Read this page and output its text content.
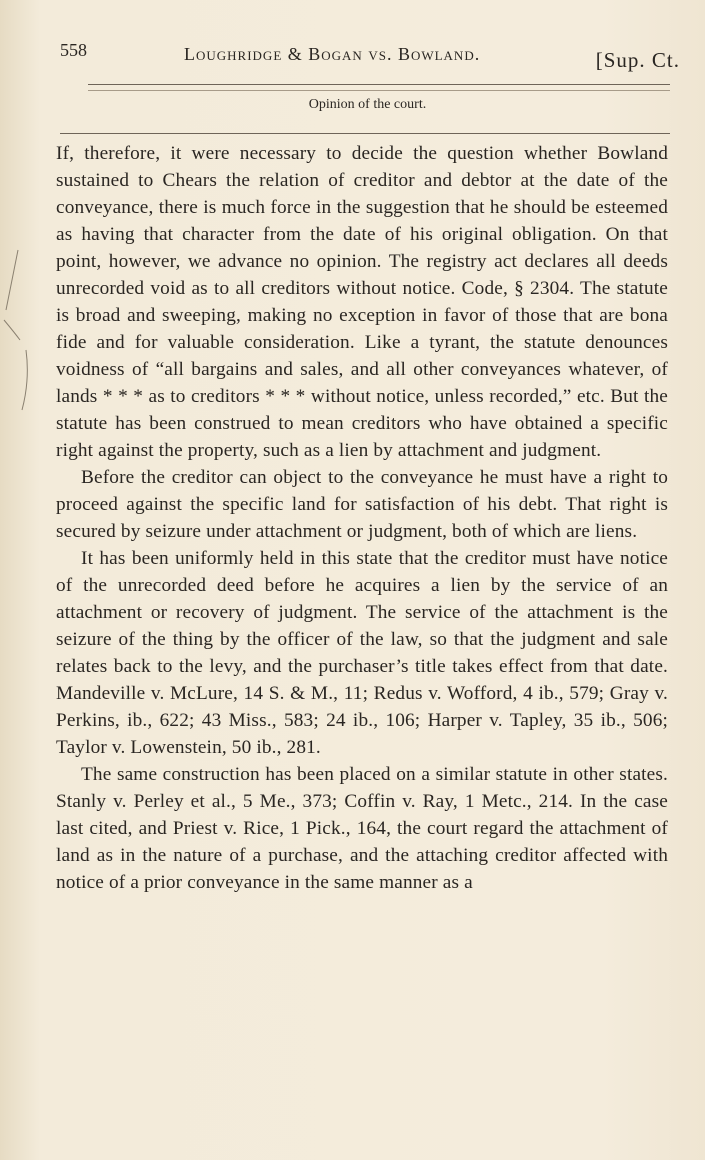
558	Loughridge & Bogan vs. Bowland.	[Sup. Ct.
Opinion of the court.

If, therefore, it were necessary to decide the question whether Bowland sustained to Chears the relation of creditor and debtor at the date of the conveyance, there is much force in the suggestion that he should be esteemed as having that character from the date of his original obligation. On that point, however, we advance no opinion. The registry act declares all deeds unrecorded void as to all creditors without notice. Code, § 2304. The statute is broad and sweeping, making no exception in favor of those that are bona fide and for valuable consideration. Like a tyrant, the statute denounces voidness of “all bargains and sales, and all other conveyances whatever, of lands * * * as to creditors * * * without notice, unless recorded,” etc. But the statute has been construed to mean creditors who have obtained a specific right against the property, such as a lien by attachment and judgment.

Before the creditor can object to the conveyance he must have a right to proceed against the specific land for satisfaction of his debt. That right is secured by seizure under attachment or judgment, both of which are liens.

It has been uniformly held in this state that the creditor must have notice of the unrecorded deed before he acquires a lien by the service of an attachment or recovery of judgment. The service of the attachment is the seizure of the thing by the officer of the law, so that the judgment and sale relates back to the levy, and the purchaser’s title takes effect from that date. Mandeville v. McLure, 14 S. & M., 11; Redus v. Wofford, 4 ib., 579; Gray v. Perkins, ib., 622; 43 Miss., 583; 24 ib., 106; Harper v. Tapley, 35 ib., 506; Taylor v. Lowenstein, 50 ib., 281.

The same construction has been placed on a similar statute in other states. Stanly v. Perley et al., 5 Me., 373; Coffin v. Ray, 1 Metc., 214. In the case last cited, and Priest v. Rice, 1 Pick., 164, the court regard the attachment of land as in the nature of a purchase, and the attaching creditor affected with notice of a prior conveyance in the same manner as a
